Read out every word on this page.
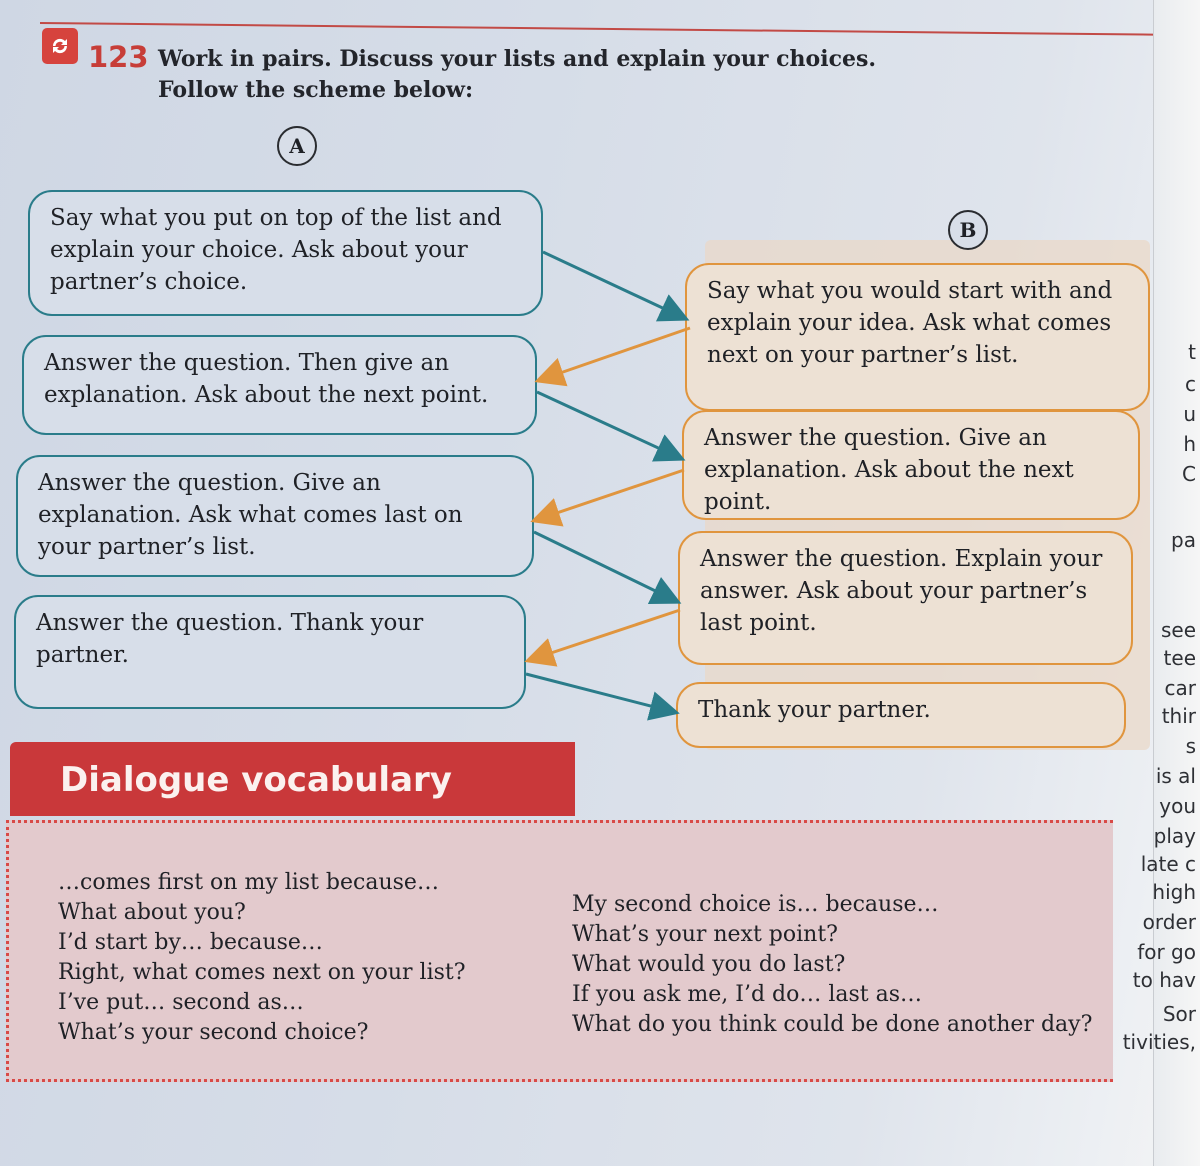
123 Work in pairs. Discuss your lists and explain your choices.
Follow the scheme below:
A
B
Say what you put on top of the list and explain your choice. Ask about your partner’s choice.
Answer the question. Then give an explanation. Ask about the next point.
Answer the question. Give an explanation. Ask what comes last on your partner’s list.
Answer the question. Thank your partner.
Say what you would start with and explain your idea. Ask what comes next on your partner’s list.
Answer the question. Give an explanation. Ask about the next point.
Answer the question. Explain your answer. Ask about your partner’s last point.
Thank your partner.
Dialogue vocabulary
…comes first on my list because…
What about you?
I’d start by… because…
Right, what comes next on your list?
I’ve put… second as…
What’s your second choice?
My second choice is… because…
What’s your next point?
What would you do last?
If you ask me, I’d do… last as…
What do you think could be done another day?
t
c
u
h
C
pa
see
tee
car
thir
s
is al
you
play
late c
high
order
for go
to hav
Sor
tivities,
